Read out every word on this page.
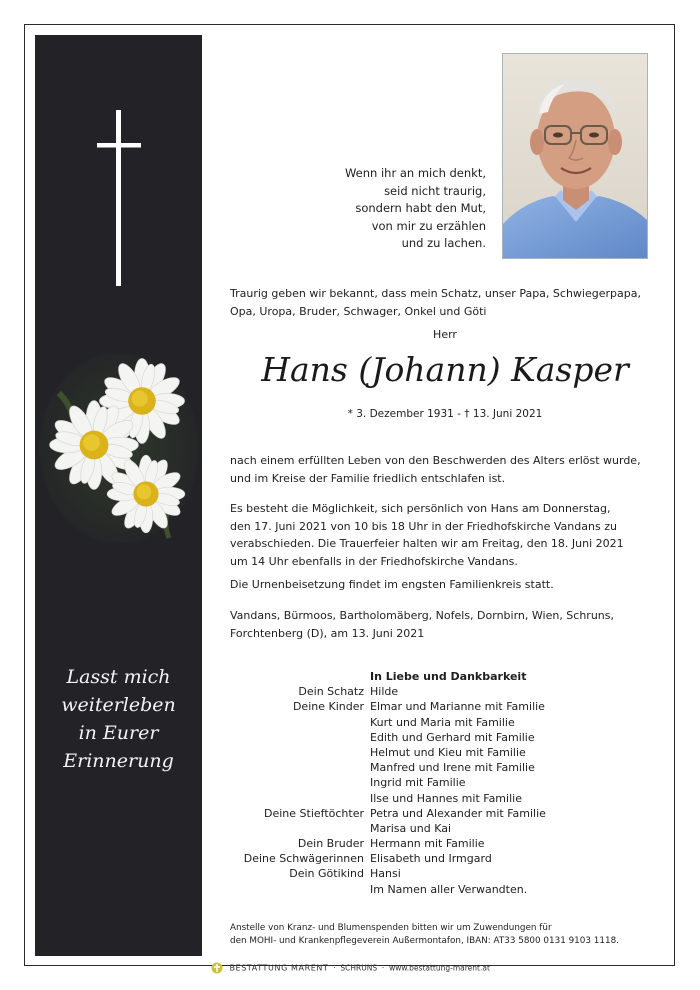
Lasst mich
weiterleben
in Eurer
Erinnerung
Wenn ihr an mich denkt,
seid nicht traurig,
sondern habt den Mut,
von mir zu erzählen
und zu lachen.
Traurig geben wir bekannt, dass mein Schatz, unser Papa, Schwiegerpapa, Opa, Uropa, Bruder, Schwager, Onkel und Göti
Herr
Hans (Johann) Kasper
* 3. Dezember 1931 - † 13. Juni 2021
nach einem erfüllten Leben von den Beschwerden des Alters erlöst wurde,
und im Kreise der Familie friedlich entschlafen ist.
Es besteht die Möglichkeit, sich persönlich von Hans am Donnerstag,
den 17. Juni 2021 von 10 bis 18 Uhr in der Friedhofskirche Vandans zu
verabschieden. Die Trauerfeier halten wir am Freitag, den 18. Juni 2021
um 14 Uhr ebenfalls in der Friedhofskirche Vandans.
Die Urnenbeisetzung findet im engsten Familienkreis statt.
Vandans, Bürmoos, Bartholomäberg, Nofels, Dornbirn, Wien, Schruns,
Forchtenberg (D), am 13. Juni 2021
In Liebe und Dankbarkeit
Dein Schatz Hilde
Deine Kinder Elmar und Marianne mit Familie
Kurt und Maria mit Familie
Edith und Gerhard mit Familie
Helmut und Kieu mit Familie
Manfred und Irene mit Familie
Ingrid mit Familie
Ilse und Hannes mit Familie
Deine Stieftöchter Petra und Alexander mit Familie
Marisa und Kai
Dein Bruder Hermann mit Familie
Deine Schwägerinnen Elisabeth und Irmgard
Dein Götikind Hansi
Im Namen aller Verwandten.
Anstelle von Kranz- und Blumenspenden bitten wir um Zuwendungen für
den MOHI- und Krankenpflegeverein Außermontafon, IBAN: AT33 5800 0131 9103 1118.
BESTATTUNG MARENT  ·  SCHRUNS  ·  www.bestattung-marent.at
